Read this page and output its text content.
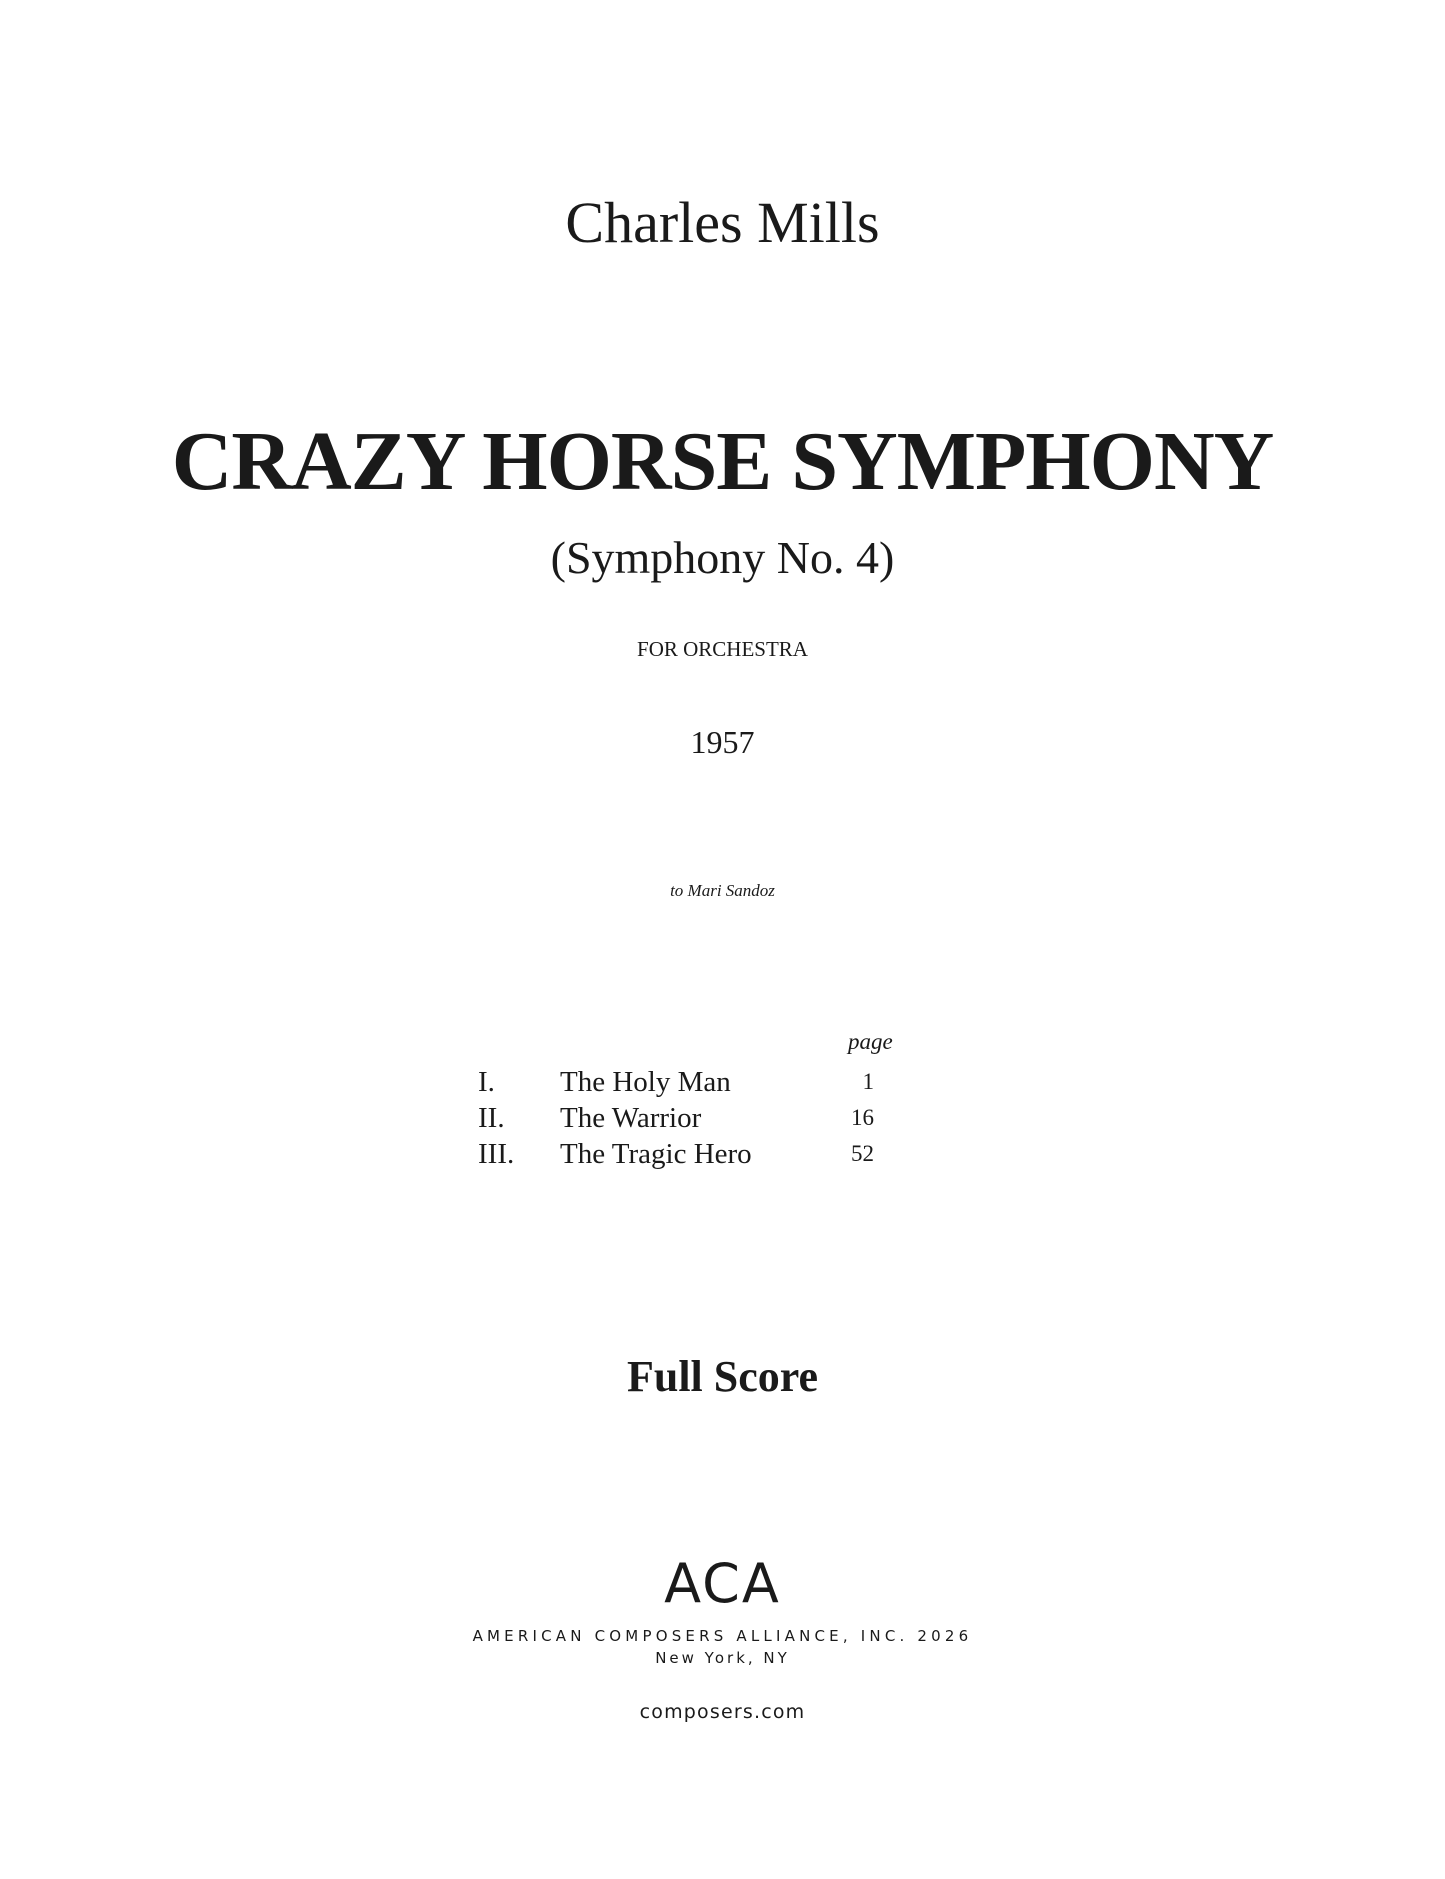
Charles Mills
CRAZY HORSE SYMPHONY
(Symphony No. 4)
FOR ORCHESTRA
1957
to Mari Sandoz
page
I. The Holy Man	1
II. The Warrior	16
III. The Tragic Hero	52
Full Score
ACA
AMERICAN COMPOSERS ALLIANCE, INC. 2026
New York, NY
composers.com
